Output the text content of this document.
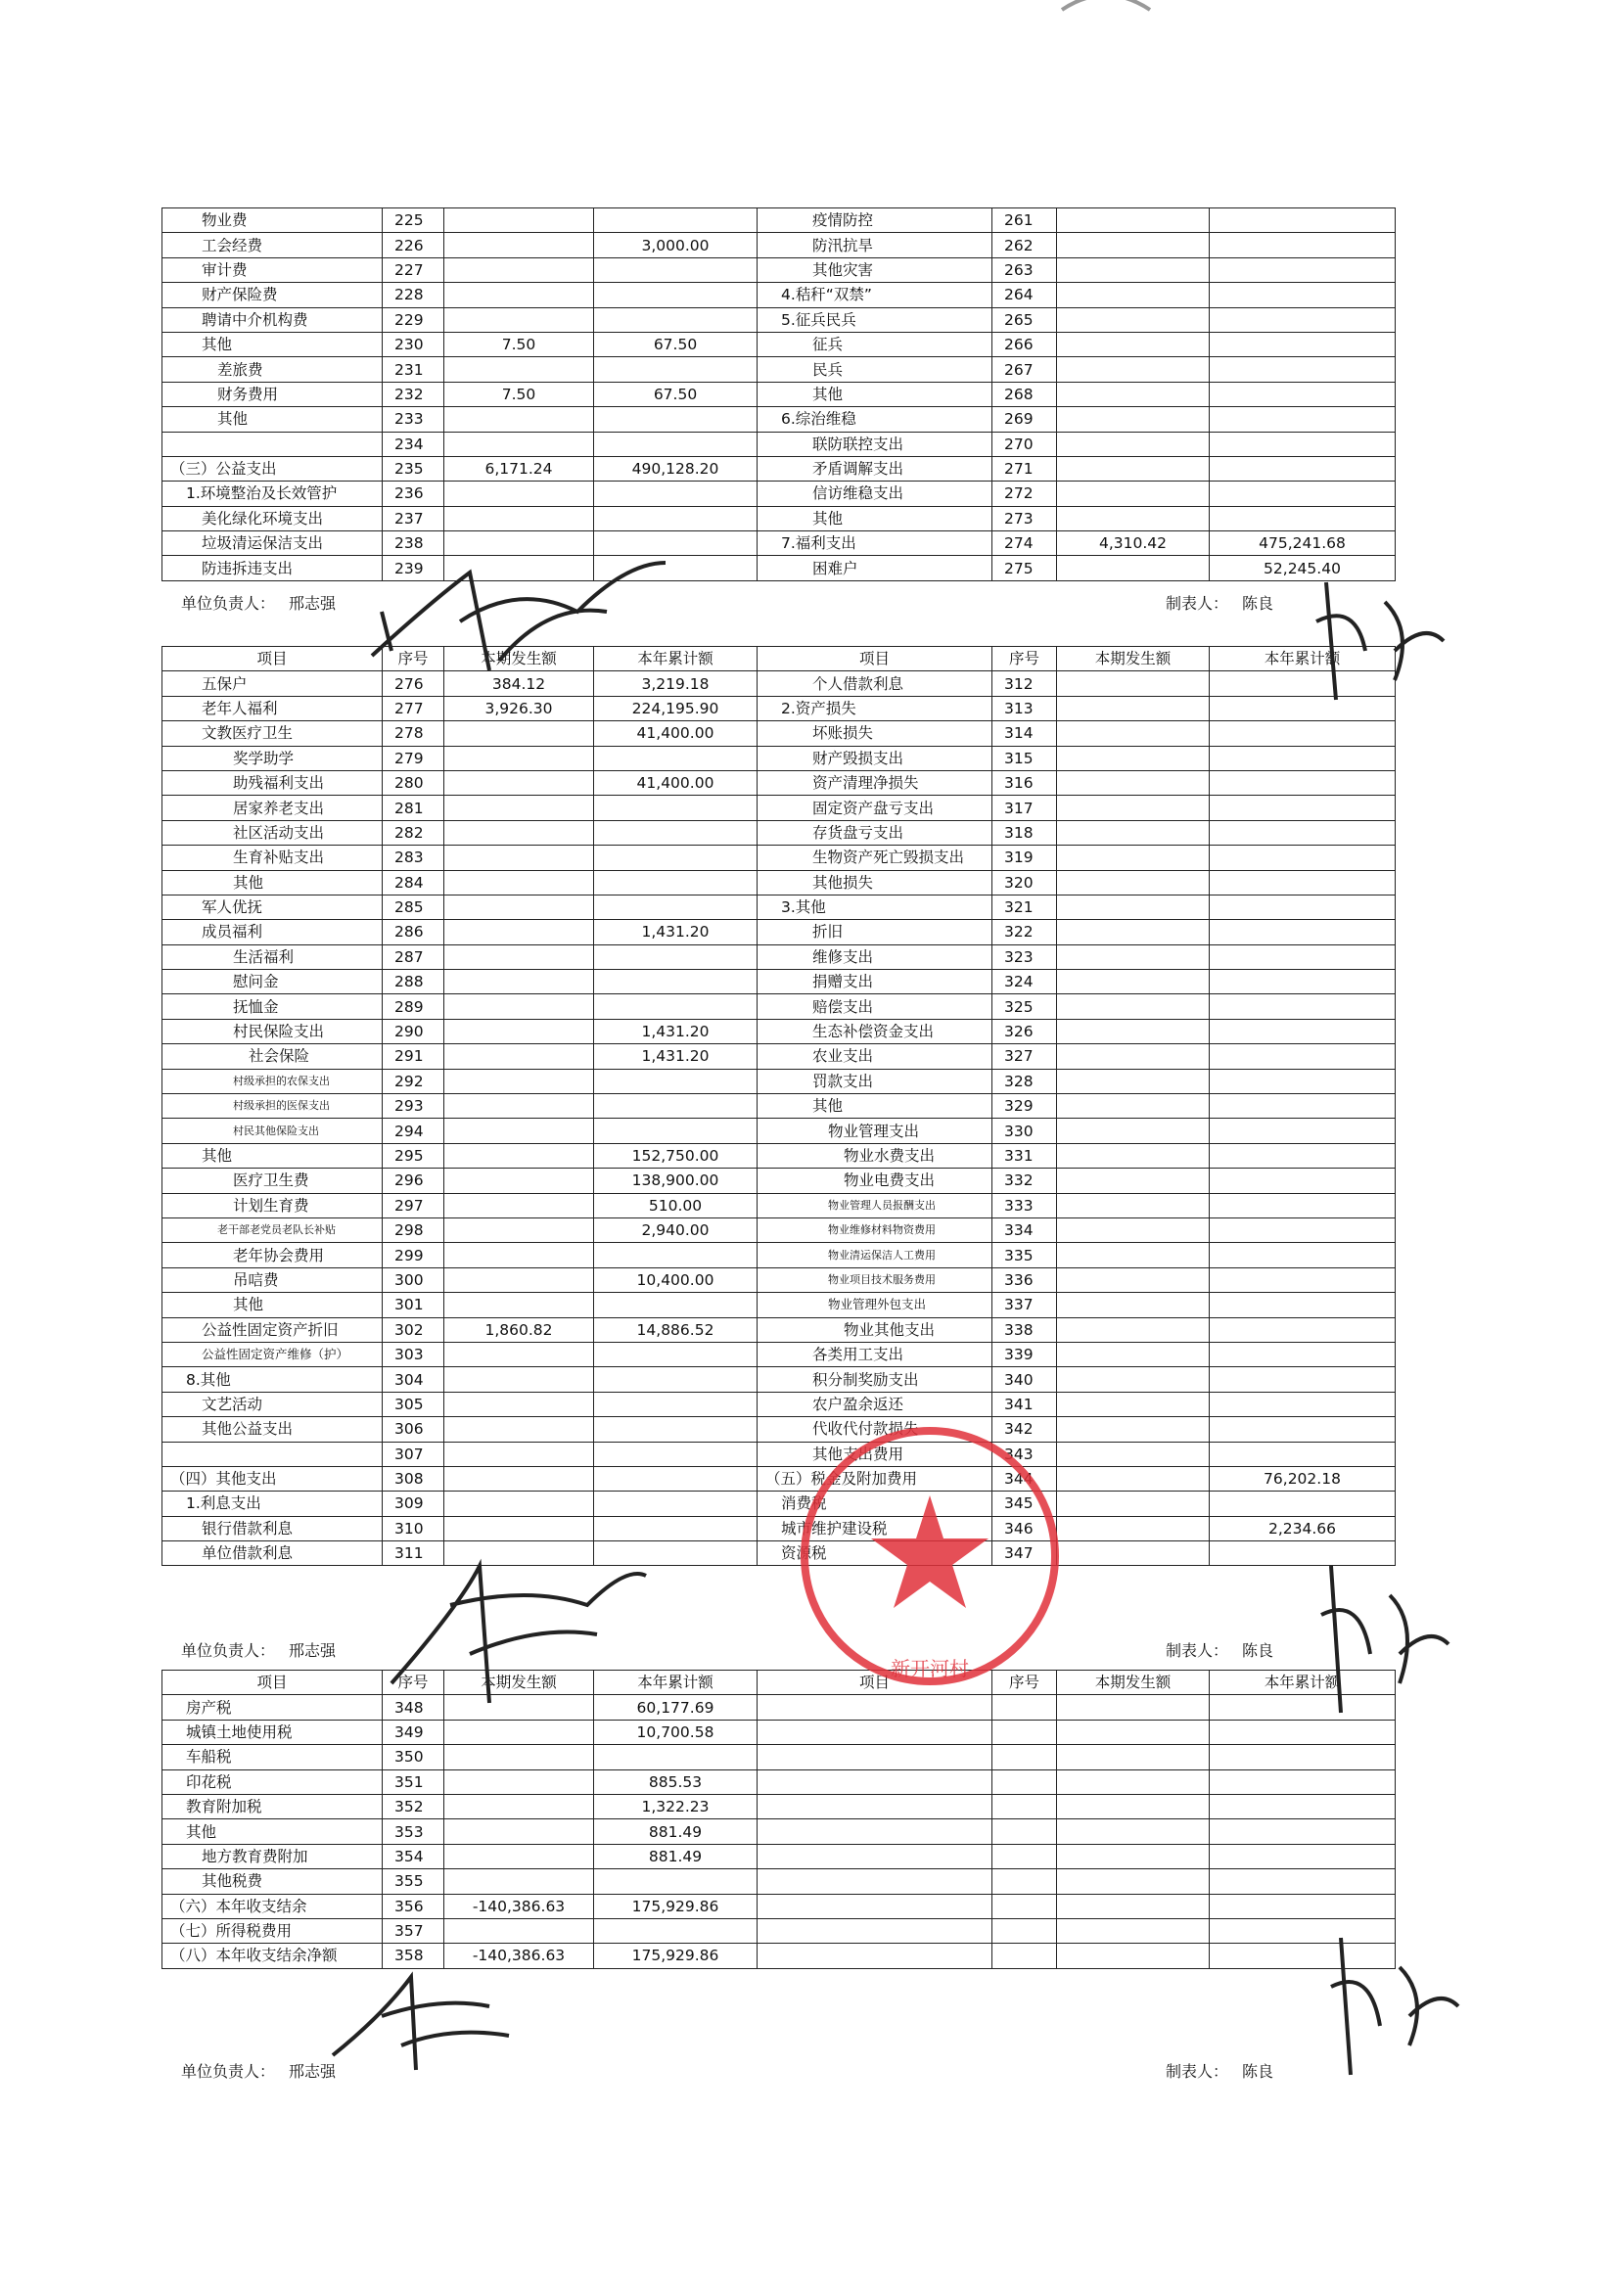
物业费	225			疫情防控	261		
工会经费	226		3,000.00	防汛抗旱	262		
审计费	227			其他灾害	263		
财产保险费	228			4.秸秆“双禁”	264		
聘请中介机构费	229			5.征兵民兵	265		
其他	230	7.50	67.50	征兵	266		
差旅费	231			民兵	267		
财务费用	232	7.50	67.50	其他	268		
其他	233			6.综治维稳	269		
	234			联防联控支出	270		
（三）公益支出	235	6,171.24	490,128.20	矛盾调解支出	271		
1.环境整治及长效管护	236			信访维稳支出	272		
美化绿化环境支出	237			其他	273		
垃圾清运保洁支出	238			7.福利支出	274	4,310.42	475,241.68
防违拆违支出	239			困难户	275		52,245.40
单位负责人： 邢志强	制表人： 陈良
项目	序号	本期发生额	本年累计额	项目	序号	本期发生额	本年累计额
五保户	276	384.12	3,219.18	个人借款利息	312		
老年人福利	277	3,926.30	224,195.90	2.资产损失	313		
文教医疗卫生	278		41,400.00	坏账损失	314		
奖学助学	279			财产毁损支出	315		
助残福利支出	280		41,400.00	资产清理净损失	316		
居家养老支出	281			固定资产盘亏支出	317		
社区活动支出	282			存货盘亏支出	318		
生育补贴支出	283			生物资产死亡毁损支出	319		
其他	284			其他损失	320		
军人优抚	285			3.其他	321		
成员福利	286		1,431.20	折旧	322		
生活福利	287			维修支出	323		
慰问金	288			捐赠支出	324		
抚恤金	289			赔偿支出	325		
村民保险支出	290		1,431.20	生态补偿资金支出	326		
社会保险	291		1,431.20	农业支出	327		
村级承担的农保支出	292			罚款支出	328		
村级承担的医保支出	293			其他	329		
村民其他保险支出	294			物业管理支出	330		
其他	295		152,750.00	物业水费支出	331		
医疗卫生费	296		138,900.00	物业电费支出	332		
计划生育费	297		510.00	物业管理人员报酬支出	333		
老干部老党员老队长补贴	298		2,940.00	物业维修材料物资费用	334		
老年协会费用	299			物业清运保洁人工费用	335		
吊唁费	300		10,400.00	物业项目技术服务费用	336		
其他	301			物业管理外包支出	337		
公益性固定资产折旧	302	1,860.82	14,886.52	物业其他支出	338		
公益性固定资产维修（护）	303			各类用工支出	339		
8.其他	304			积分制奖励支出	340		
文艺活动	305			农户盈余返还	341		
其他公益支出	306			代收代付款损失	342		
	307			其他支出费用	343		
（四）其他支出	308			（五）税金及附加费用	344		76,202.18
1.利息支出	309			消费税	345		
银行借款利息	310			城市维护建设税	346		2,234.66
单位借款利息	311			资源税	347		
单位负责人： 邢志强	制表人： 陈良
项目	序号	本期发生额	本年累计额	项目	序号	本期发生额	本年累计额
房产税	348		60,177.69				
城镇土地使用税	349		10,700.58				
车船税	350						
印花税	351		885.53				
教育附加税	352		1,322.23				
其他	353		881.49				
地方教育费附加	354		881.49				
其他税费	355						
（六）本年收支结余	356	-140,386.63	175,929.86				
（七）所得税费用	357						
（八）本年收支结余净额	358	-140,386.63	175,929.86				
单位负责人： 邢志强	制表人： 陈良
新开河村
